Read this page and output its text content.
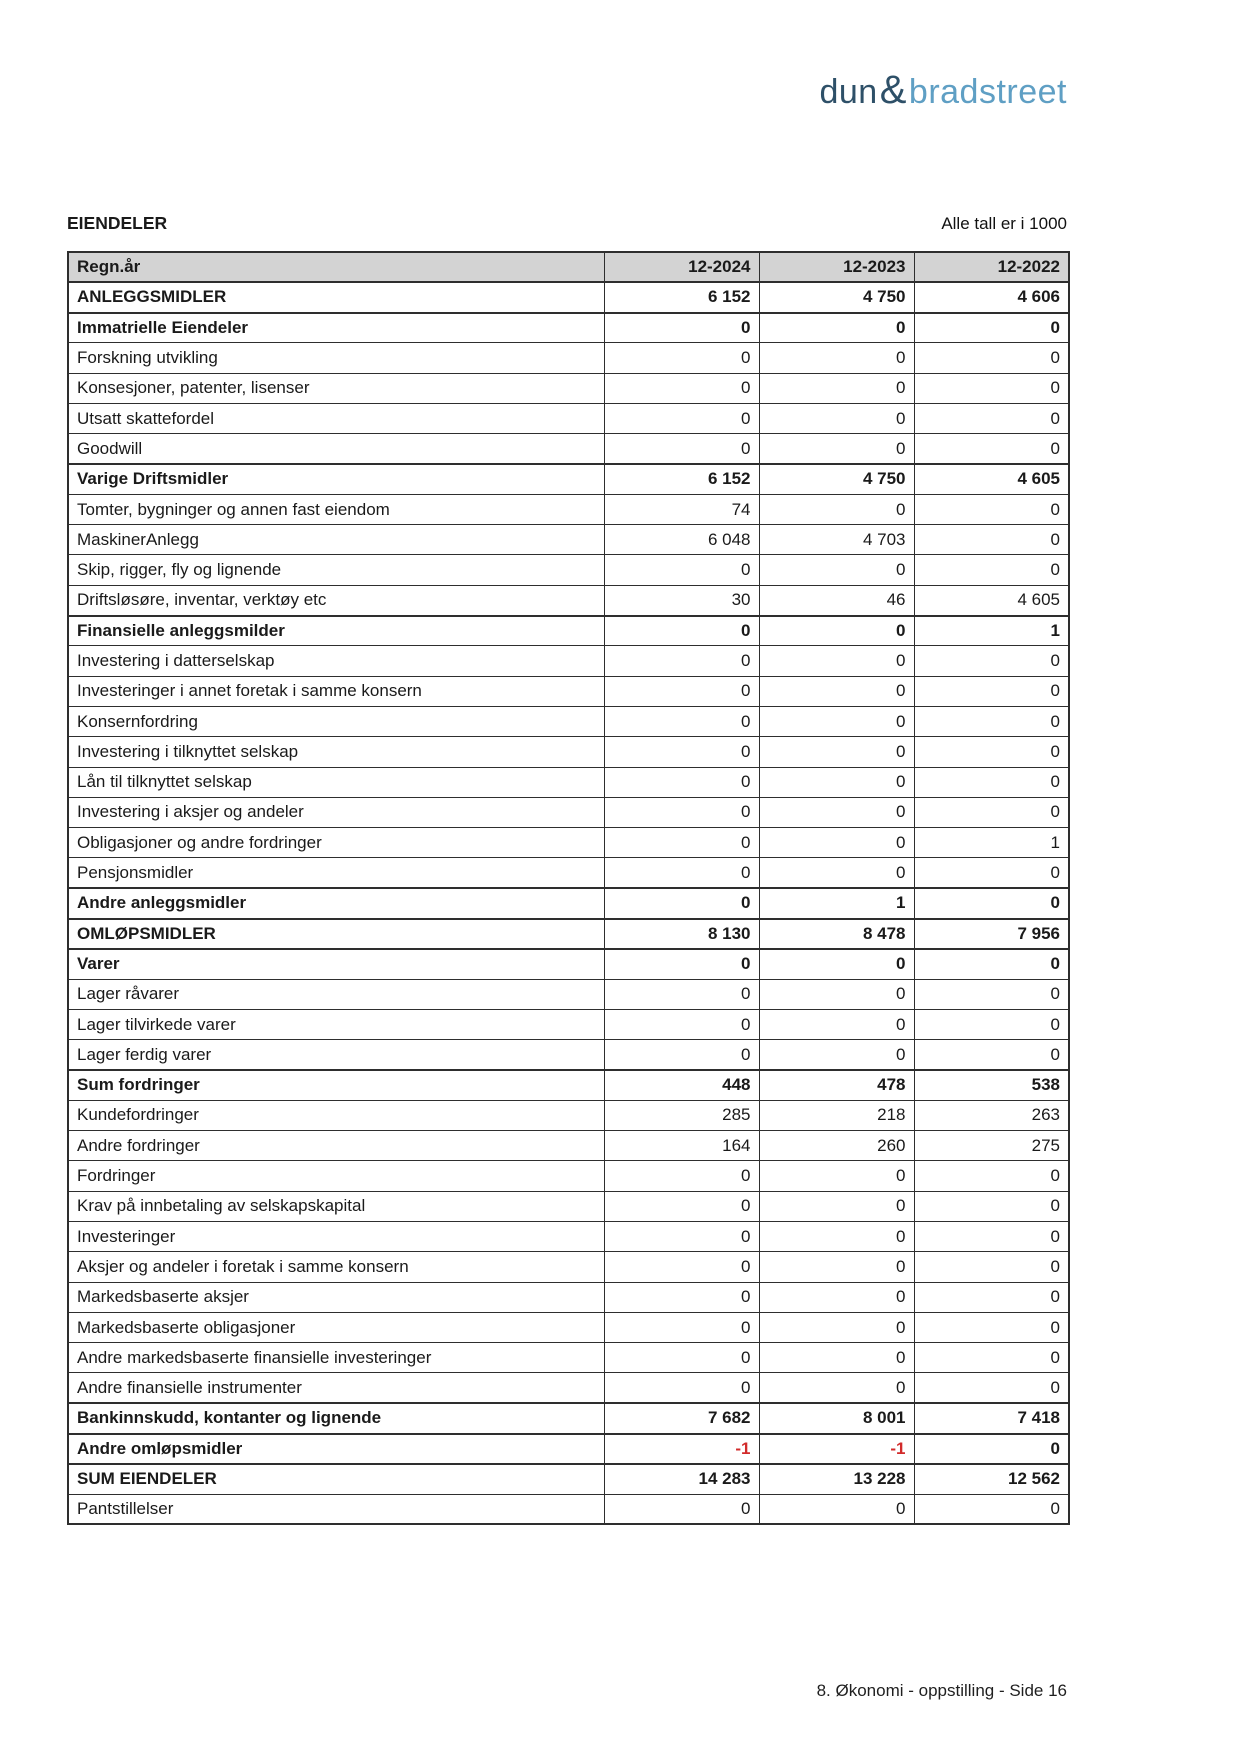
dun&bradstreet
EIENDELER	Alle tall er i 1000
Regn.år	12-2024	12-2023	12-2022
ANLEGGSMIDLER	6 152	4 750	4 606
Immatrielle Eiendeler	0	0	0
Forskning utvikling	0	0	0
Konsesjoner, patenter, lisenser	0	0	0
Utsatt skattefordel	0	0	0
Goodwill	0	0	0
Varige Driftsmidler	6 152	4 750	4 605
Tomter, bygninger og annen fast eiendom	74	0	0
MaskinerAnlegg	6 048	4 703	0
Skip, rigger, fly og lignende	0	0	0
Driftsløsøre, inventar, verktøy etc	30	46	4 605
Finansielle anleggsmilder	0	0	1
Investering i datterselskap	0	0	0
Investeringer i annet foretak i samme konsern	0	0	0
Konsernfordring	0	0	0
Investering i tilknyttet selskap	0	0	0
Lån til tilknyttet selskap	0	0	0
Investering i aksjer og andeler	0	0	0
Obligasjoner og andre fordringer	0	0	1
Pensjonsmidler	0	0	0
Andre anleggsmidler	0	1	0
OMLØPSMIDLER	8 130	8 478	7 956
Varer	0	0	0
Lager råvarer	0	0	0
Lager tilvirkede varer	0	0	0
Lager ferdig varer	0	0	0
Sum fordringer	448	478	538
Kundefordringer	285	218	263
Andre fordringer	164	260	275
Fordringer	0	0	0
Krav på innbetaling av selskapskapital	0	0	0
Investeringer	0	0	0
Aksjer og andeler i foretak i samme konsern	0	0	0
Markedsbaserte aksjer	0	0	0
Markedsbaserte obligasjoner	0	0	0
Andre markedsbaserte finansielle investeringer	0	0	0
Andre finansielle instrumenter	0	0	0
Bankinnskudd, kontanter og lignende	7 682	8 001	7 418
Andre omløpsmidler	-1	-1	0
SUM EIENDELER	14 283	13 228	12 562
Pantstillelser	0	0	0
8. Økonomi - oppstilling - Side 16
